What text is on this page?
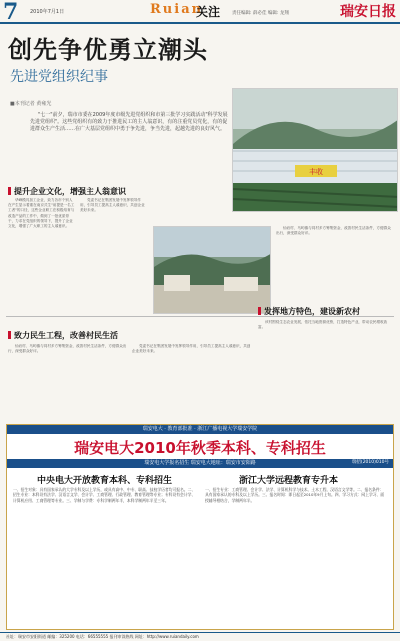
7 2010年7月1日	Ruian
关注	责任编辑: 薛必佳 编辑: 龙翔	瑞安日报
创先争优勇立潮头
先进党组织纪事
■本刊记者 黄雍光

"七一"前夕，瑞市市委在2009年度市级先进党组织和市第三批学习实践活动"科学发展先进党组织"。这些党组织有的致力于推进民工的主人翁意识，有的注重党员党化，有的促进群众生产生活……在广大基层党组织中勇于争先进，争当先进，起越先进的良好风气。

丰收
提升企业文化，增强主人翁意识

华峰模具加工企业，致力各市个别人在产生显示着重在南京式生"前提是一名工工者"的口径，这些企业职工在积极培育与改造产品的工作中，做到了一批优质骨干，力求在党组织的领导下，提升了企业文化，增强了广大职工的主人翁意识。

党委书记在集团发展中发挥领导作用，引导员工提高主人翁意识，共创企业美好未来。

仙岩村、马屿镇与同村多方筹集资金，改善村民生活条件，方便群众出行，深受群众好评。

致力民生工程，改善村民生活

仙岩村、马屿镇与同村多方筹集资金，改善村民生活条件，方便群众出行，深受群众好评。

党委书记在集团发展中发挥领导作用，引导员工提高主人翁意识，共创企业美好未来。

发挥地方特色，建设新农村

该村围绕生态农业发展，依托当地资源优势，打造特色产业，带动农民增收致富。

瑞安电大 · 教育部批准 · 浙江广播电视大学瑞安学院
瑞安电大2010年秋季本科、专科招生
瑞安电大学报名招生 瑞安电大地址：瑞安市安阳路	瑞招(2010)010号
中央电大开放教育本科、专科招生	浙江大学远程教育专升本

一、招生对象：具有国家承认的大学专科及以上学历，或具有高中、中专、职高、技校学历者均可报名。二、招生专业：本科设有法学、汉语言文学、会计学、工商管理、行政管理、教育管理等专业；专科设有会计学、计算机应用、工商管理等专业。三、学制与学费：专科学制两年半，本科学制两年半至三年。

一、招生专业：工商管理、会计学、法学、计算机科学与技术、土木工程、汉语言文学等。二、报名条件：具有国家承认的专科及以上学历。三、报名时间：即日起至2010年9月上旬。四、学习方式：网上学习、面授辅导相结合，学制两年半。

社址：瑞安市安阳街道 邮编：325200 电话：66555555 报刊审读热线 网址：http://www.ruiandaily.com
